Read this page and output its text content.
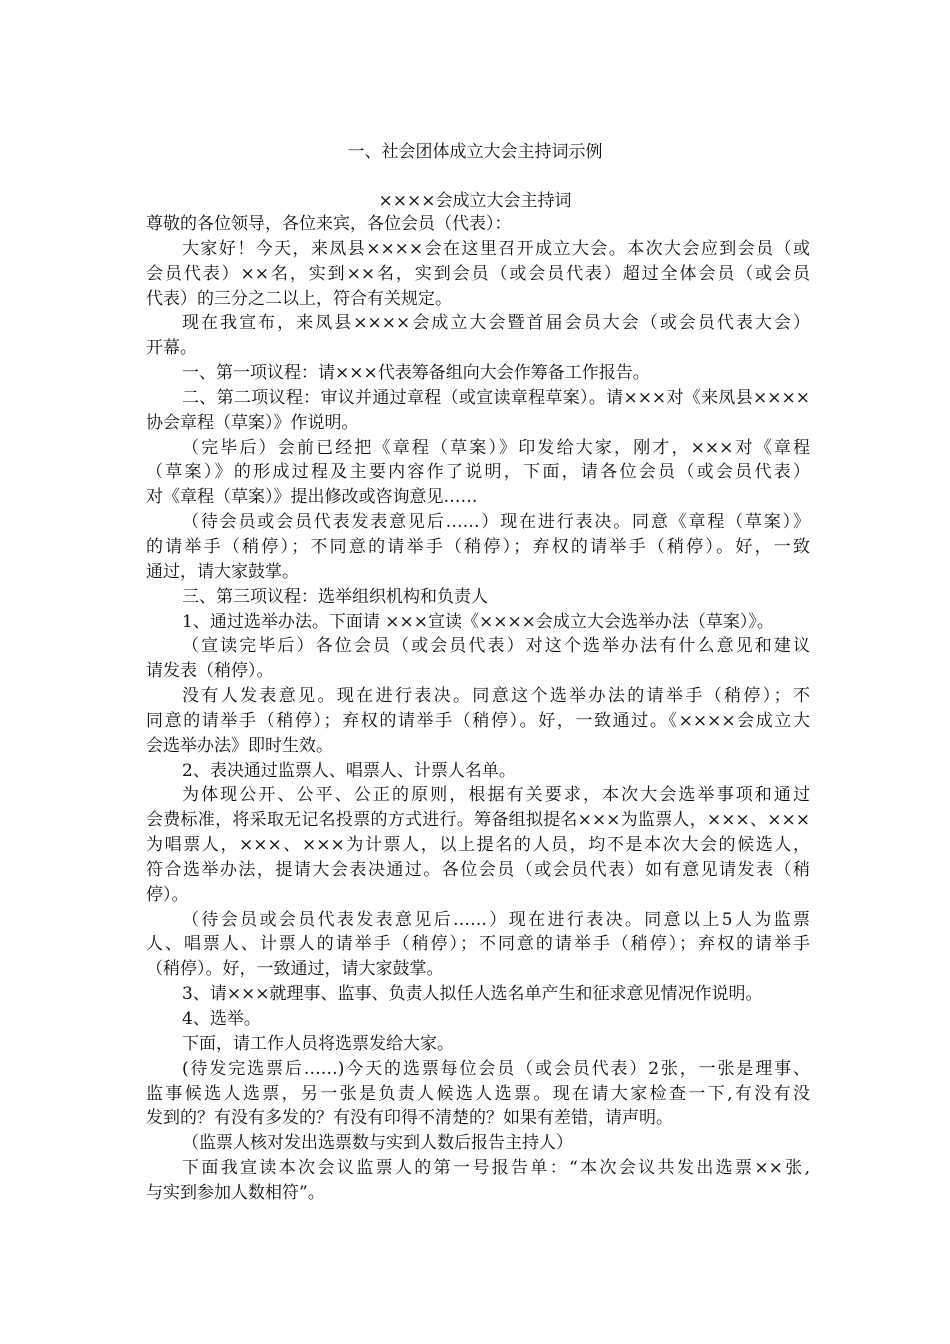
一、社会团体成立大会主持词示例
××××会成立大会主持词
尊敬的各位领导，各位来宾，各位会员（代表）：
大家好！今天，来凤县××××会在这里召开成立大会。本次大会应到会员（或
会员代表）××名，实到××名，实到会员（或会员代表）超过全体会员（或会员
代表）的三分之二以上，符合有关规定。
现在我宣布，来凤县××××会成立大会暨首届会员大会（或会员代表大会）
开幕。
一、第一项议程：请×××代表筹备组向大会作筹备工作报告。
二、第二项议程：审议并通过章程（或宣读章程草案）。请×××对《来凤县××××
协会章程（草案）》作说明。
（完毕后）会前已经把《章程（草案）》印发给大家，刚才，×××对《章程
（草案）》的形成过程及主要内容作了说明，下面，请各位会员（或会员代表）
对《章程（草案）》提出修改或咨询意见……
（待会员或会员代表发表意见后……）现在进行表决。同意《章程（草案）》
的请举手（稍停）；不同意的请举手（稍停）；弃权的请举手（稍停）。好，一致
通过，请大家鼓掌。
三、第三项议程：选举组织机构和负责人
1、通过选举办法。下面请 ×××宣读《××××会成立大会选举办法（草案）》。
（宣读完毕后）各位会员（或会员代表）对这个选举办法有什么意见和建议
请发表（稍停）。
没有人发表意见。现在进行表决。同意这个选举办法的请举手（稍停）；不
同意的请举手（稍停）；弃权的请举手（稍停）。好，一致通过。《××××会成立大
会选举办法》即时生效。
2、表决通过监票人、唱票人、计票人名单。
为体现公开、公平、公正的原则，根据有关要求，本次大会选举事项和通过
会费标准，将采取无记名投票的方式进行。筹备组拟提名×××为监票人，×××、×××
为唱票人，×××、×××为计票人，以上提名的人员，均不是本次大会的候选人，
符合选举办法，提请大会表决通过。各位会员（或会员代表）如有意见请发表（稍
停）。
（待会员或会员代表发表意见后……）现在进行表决。同意以上5人为监票
人、唱票人、计票人的请举手（稍停）；不同意的请举手（稍停）；弃权的请举手
（稍停）。好，一致通过，请大家鼓掌。
3、请×××就理事、监事、负责人拟任人选名单产生和征求意见情况作说明。
4、选举。
下面，请工作人员将选票发给大家。
(待发完选票后……)今天的选票每位会员（或会员代表）2张，一张是理事、
监事候选人选票，另一张是负责人候选人选票。现在请大家检查一下,有没有没
发到的？有没有多发的？有没有印得不清楚的？如果有差错，请声明。
（监票人核对发出选票数与实到人数后报告主持人）
下面我宣读本次会议监票人的第一号报告单：“本次会议共发出选票××张,
与实到参加人数相符”。
